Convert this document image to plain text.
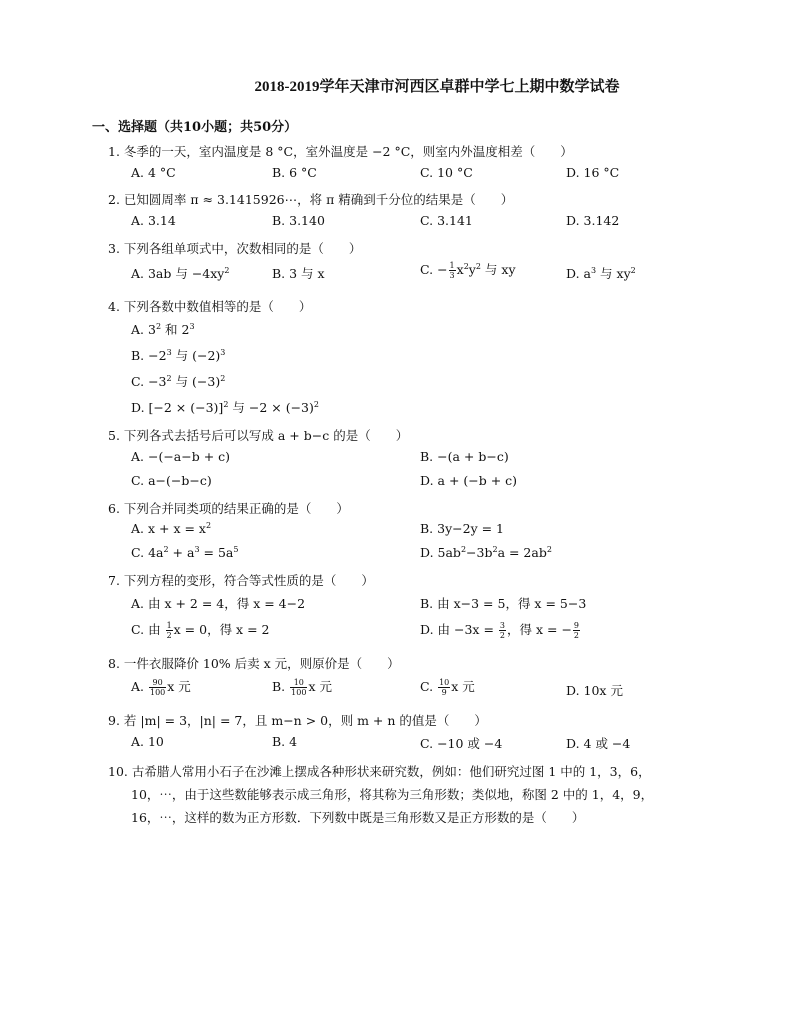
2018-2019学年天津市河西区卓群中学七上期中数学试卷
一、选择题（共10小题；共50分）
1. 冬季的一天，室内温度是 8 °C，室外温度是 −2 °C，则室内外温度相差（　　）
A. 4 °C	B. 6 °C	C. 10 °C	D. 16 °C
2. 已知圆周率 π ≈ 3.1415926⋯，将 π 精确到千分位的结果是（　　）
A. 3.14	B. 3.140	C. 3.141	D. 3.142
3. 下列各组单项式中，次数相同的是（　　）
A. 3ab 与 $-4xy^2$	B. 3 与 x	C. − $\frac{1}{3} x^2y^2$ 与 xy	D. $a^3$ 与 $xy^2$
4. 下列各数中数值相等的是（　　）
A. $3^2$ 和 $2^3$
B. $-2^3$ 与 $(-2)^3$
C. $-3^2$ 与 $(-3)^2$
D. $[-2 \times (-3)]^2$ 与 $-2 \times (-3)^2$
5. 下列各式去括号后可以写成 a + b−c 的是（　　）
A. −(−a−b + c)	B. −(a + b−c)
C. a−(−b−c)	D. a + (−b + c)
6. 下列合并同类项的结果正确的是（　　）
A. $x + x = x^2$	B. 3y−2y = 1
C. $4a^2 + a^3 = 5a^5$	D. $5ab^2-3b^2a = 2ab^2$
7. 下列方程的变形，符合等式性质的是（　　）
A. 由 x + 2 = 4，得 x = 4−2	B. 由 x−3 = 5，得 x = 5−3
C. 由 $\frac{1}{2}$ x = 0，得 x = 2	D. 由 $-3x = \frac{3}{2}$ ，得 x = − $\frac{9}{2}$
8. 一件衣服降价 10% 后卖 x 元，则原价是（　　）
A. $\frac{90}{100}$ x 元	B. $\frac{10}{100}$ x 元	C. $\frac{10}{9}$ x 元	D. 10x 元
9. 若 |m| = 3，|n| = 7，且 m−n > 0，则 m + n 的值是（　　）
A. 10	B. 4	C. −10 或 −4	D. 4 或 −4
10. 古希腊人常用小石子在沙滩上摆成各种形状来研究数，例如：他们研究过图 1 中的 1，3，6，
10，⋯，由于这些数能够表示成三角形，将其称为三角形数；类似地，称图 2 中的 1，4，9，
16，⋯，这样的数为正方形数．下列数中既是三角形数又是正方形数的是（　　）
